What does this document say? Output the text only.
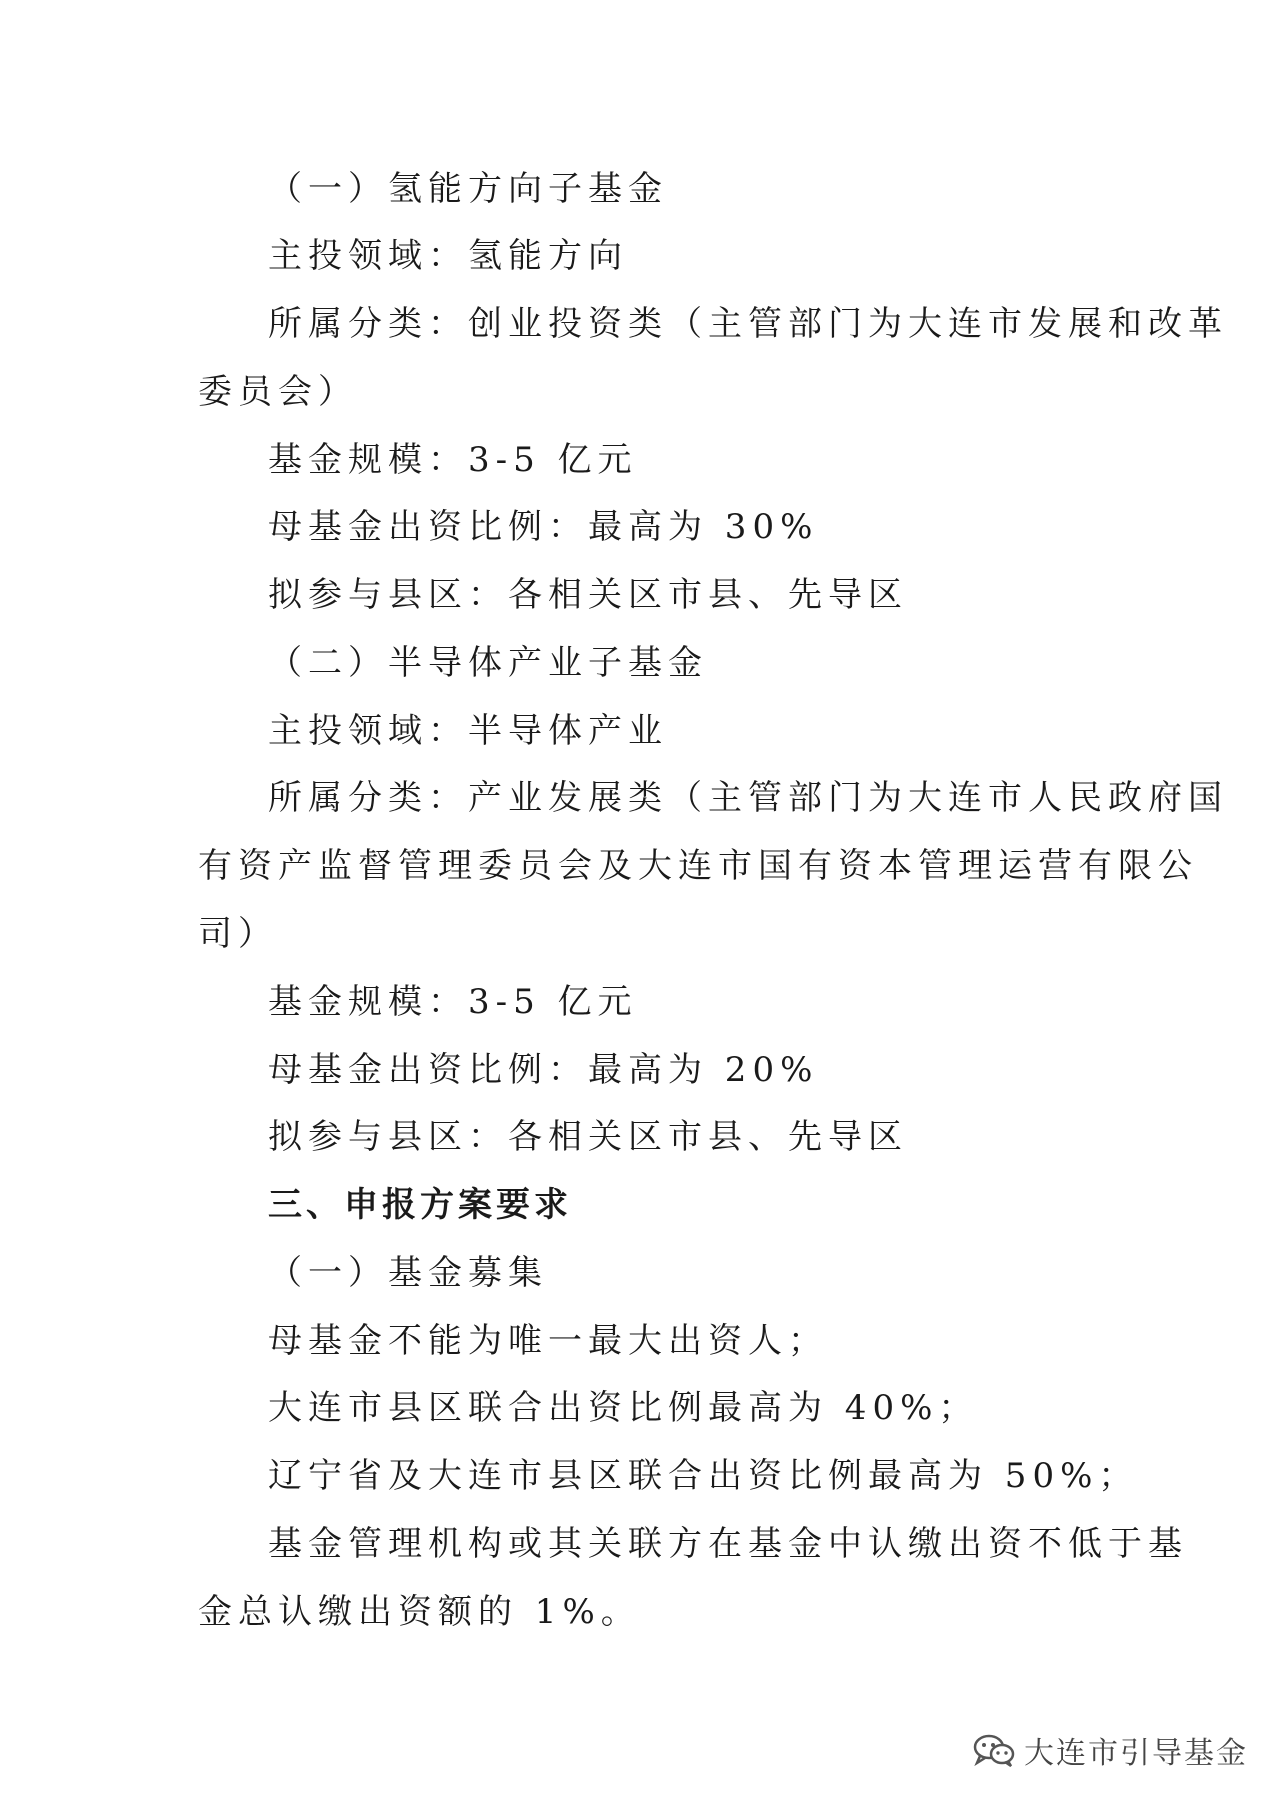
（一）氢能方向子基金
主投领域：氢能方向
所属分类：创业投资类（主管部门为大连市发展和改革
委员会）
基金规模：3-5 亿元
母基金出资比例：最高为 30%
拟参与县区：各相关区市县、先导区
（二）半导体产业子基金
主投领域：半导体产业
所属分类：产业发展类（主管部门为大连市人民政府国
有资产监督管理委员会及大连市国有资本管理运营有限公
司）
基金规模：3-5 亿元
母基金出资比例：最高为 20%
拟参与县区：各相关区市县、先导区
三、申报方案要求
（一）基金募集
母基金不能为唯一最大出资人；
大连市县区联合出资比例最高为 40%；
辽宁省及大连市县区联合出资比例最高为 50%；
基金管理机构或其关联方在基金中认缴出资不低于基
金总认缴出资额的 1%。
大连市引导基金
